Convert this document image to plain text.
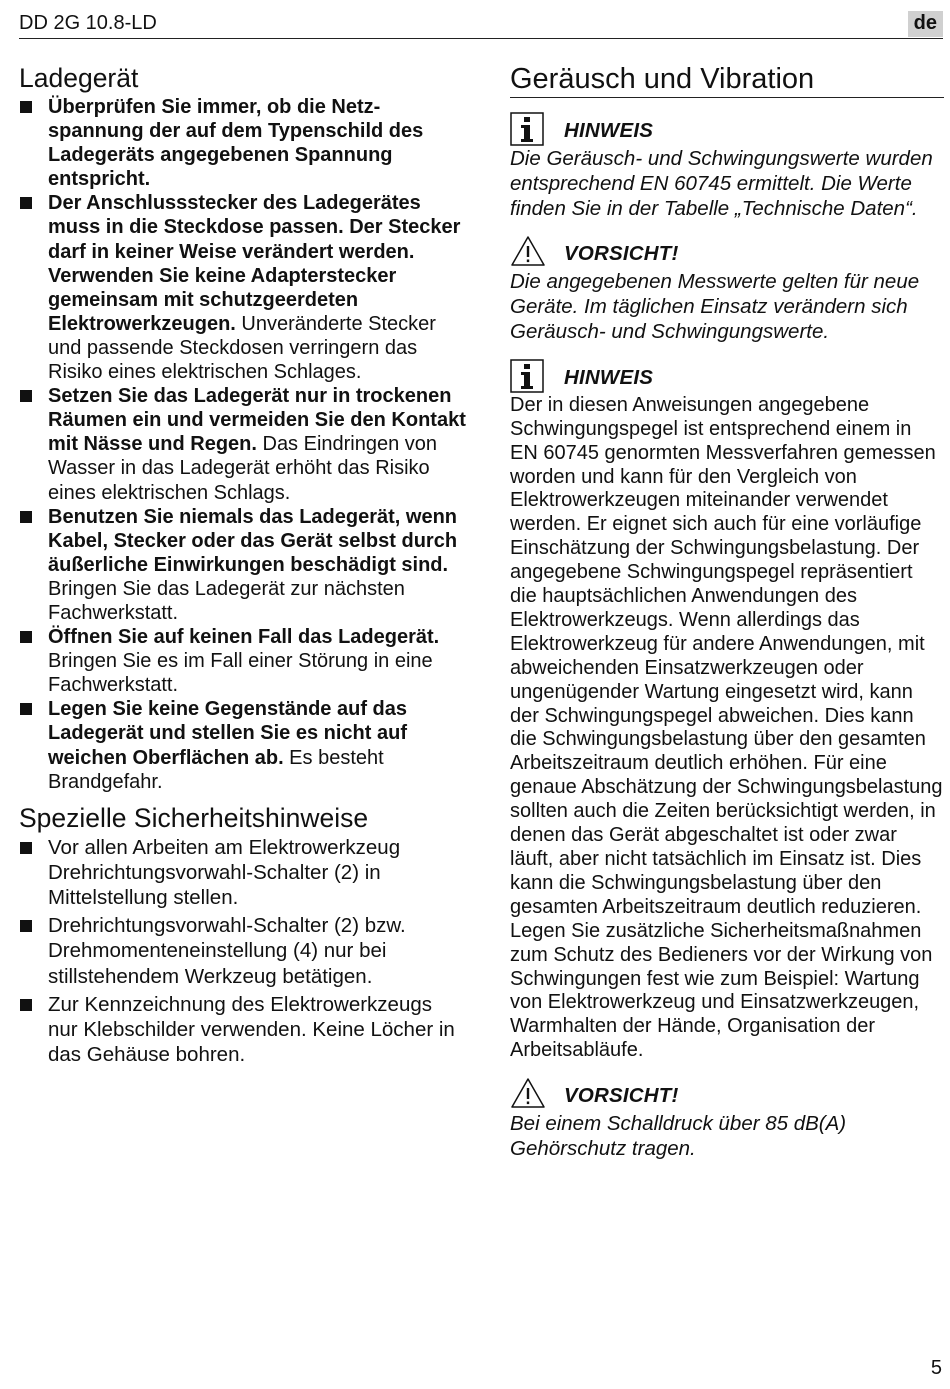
DD 2G 10.8-LD	de
Ladegerät
Überprüfen Sie immer, ob die Netzspannung der auf dem Typenschild des Ladegeräts angegebenen Spannung entspricht.
Der Anschlussstecker des Ladegerätes muss in die Steckdose passen. Der Stecker darf in keiner Weise verändert werden. Verwenden Sie keine Adapterstecker gemeinsam mit schutzgeerdeten Elektrowerkzeugen. Unveränderte Stecker und passende Steckdosen verringern das Risiko eines elektrischen Schlages.
Setzen Sie das Ladegerät nur in trockenen Räumen ein und vermeiden Sie den Kontakt mit Nässe und Regen. Das Eindringen von Wasser in das Ladegerät erhöht das Risiko eines elektrischen Schlags.
Benutzen Sie niemals das Ladegerät, wenn Kabel, Stecker oder das Gerät selbst durch äußerliche Einwirkungen beschädigt sind. Bringen Sie das Ladegerät zur nächsten Fachwerkstatt.
Öffnen Sie auf keinen Fall das Ladegerät. Bringen Sie es im Fall einer Störung in eine Fachwerkstatt.
Legen Sie keine Gegenstände auf das Ladegerät und stellen Sie es nicht auf weichen Oberflächen ab. Es besteht Brandgefahr.
Spezielle Sicherheitshinweise
Vor allen Arbeiten am Elektrowerkzeug Drehrichtungsvorwahl-Schalter (2) in Mittelstellung stellen.
Drehrichtungsvorwahl-Schalter (2) bzw. Drehmomenteneinstellung (4) nur bei stillstehendem Werkzeug betätigen.
Zur Kennzeichnung des Elektrowerkzeugs nur Klebschilder verwenden. Keine Löcher in das Gehäuse bohren.
Geräusch und Vibration
HINWEIS
Die Geräusch- und Schwingungswerte wurden entsprechend EN 60745 ermittelt. Die Werte finden Sie in der Tabelle „Technische Daten“.
VORSICHT!
Die angegebenen Messwerte gelten für neue Geräte. Im täglichen Einsatz verändern sich Geräusch- und Schwingungswerte.
HINWEIS
Der in diesen Anweisungen angegebene Schwingungspegel ist entsprechend einem in EN 60745 genormten Messverfahren gemessen worden und kann für den Vergleich von Elektrowerkzeugen miteinander verwendet werden. Er eignet sich auch für eine vorläufige Einschätzung der Schwingungsbelastung. Der angegebene Schwingungspegel repräsentiert die hauptsächlichen Anwendungen des Elektrowerkzeugs. Wenn allerdings das Elektrowerkzeug für andere Anwendungen, mit abweichenden Einsatzwerkzeugen oder ungenügender Wartung eingesetzt wird, kann der Schwingungspegel abweichen. Dies kann die Schwingungsbelastung über den gesamten Arbeitszeitraum deutlich erhöhen. Für eine genaue Abschätzung der Schwingungsbelastung sollten auch die Zeiten berücksichtigt werden, in denen das Gerät abgeschaltet ist oder zwar läuft, aber nicht tatsächlich im Einsatz ist. Dies kann die Schwingungsbelastung über den gesamten Arbeitszeitraum deutlich reduzieren. Legen Sie zusätzliche Sicherheitsmaßnahmen zum Schutz des Bedieners vor der Wirkung von Schwingungen fest wie zum Beispiel: Wartung von Elektrowerkzeug und Einsatzwerkzeugen, Warmhalten der Hände, Organisation der Arbeitsabläufe.
VORSICHT!
Bei einem Schalldruck über 85 dB(A) Gehörschutz tragen.
5
